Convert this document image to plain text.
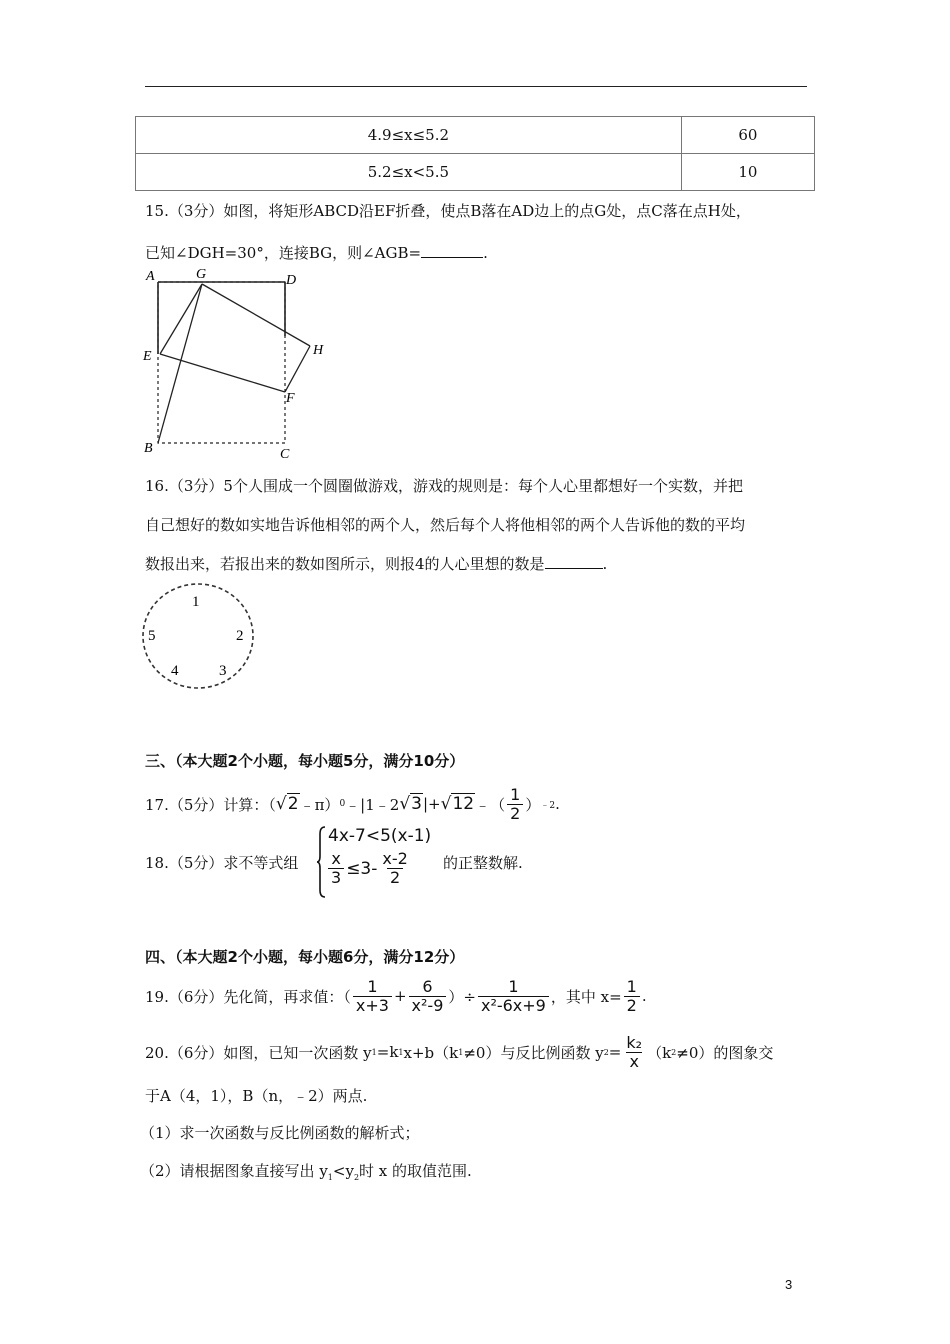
4.9≤x≤5.2	60
5.2≤x<5.5	10
15.（3分）如图，将矩形ABCD沿EF折叠，使点B落在AD边上的点G处，点C落在点H处，
已知∠DGH=30°，连接BG，则∠AGB=	.
A	G	D
E	H
F
B	C
16.（3分）5个人围成一个圆圈做游戏，游戏的规则是：每个人心里都想好一个实数，并把
自己想好的数如实地告诉他相邻的两个人，然后每个人将他相邻的两个人告诉他的数的平均
数报出来，若报出来的数如图所示，则报4的人心里想的数是	.
1
2
3
4
5
三、（本大题2个小题，每小题5分，满分10分）
17.（5分）计算：（ √2 ﹣π） 0 ﹣|1﹣2 √3 |+ √12 ﹣（ $\frac{1}{2}$ ） ﹣2 .
18.（5分）求不等式组
4x-7<5(x-1)
$\frac{x}{3} \le 3- \frac{x-2}{2}$ 的正整数解.
四、（本大题2个小题，每小题6分，满分12分）
19.（6分）先化简，再求值：（ $\frac{1}{x+3} + \frac{6}{\text{x²-9}}$ ）÷ $\frac{1}{\text{x²-6x+9}}$ ，其中 $x= \frac{1}{2}$ .
20.（6分）如图，已知一次函数 y 1 =k 1 x+b（k 1 ≠0）与反比例函数 y $2 = \frac{\text{k₂}}{x} (k$ 2 ≠0）的图象交
于A（4，1），B（n，﹣2）两点.
（1）求一次函数与反比例函数的解析式；
（2）请根据图象直接写出 $y_1<y_2$时 x 的取值范围.
3
